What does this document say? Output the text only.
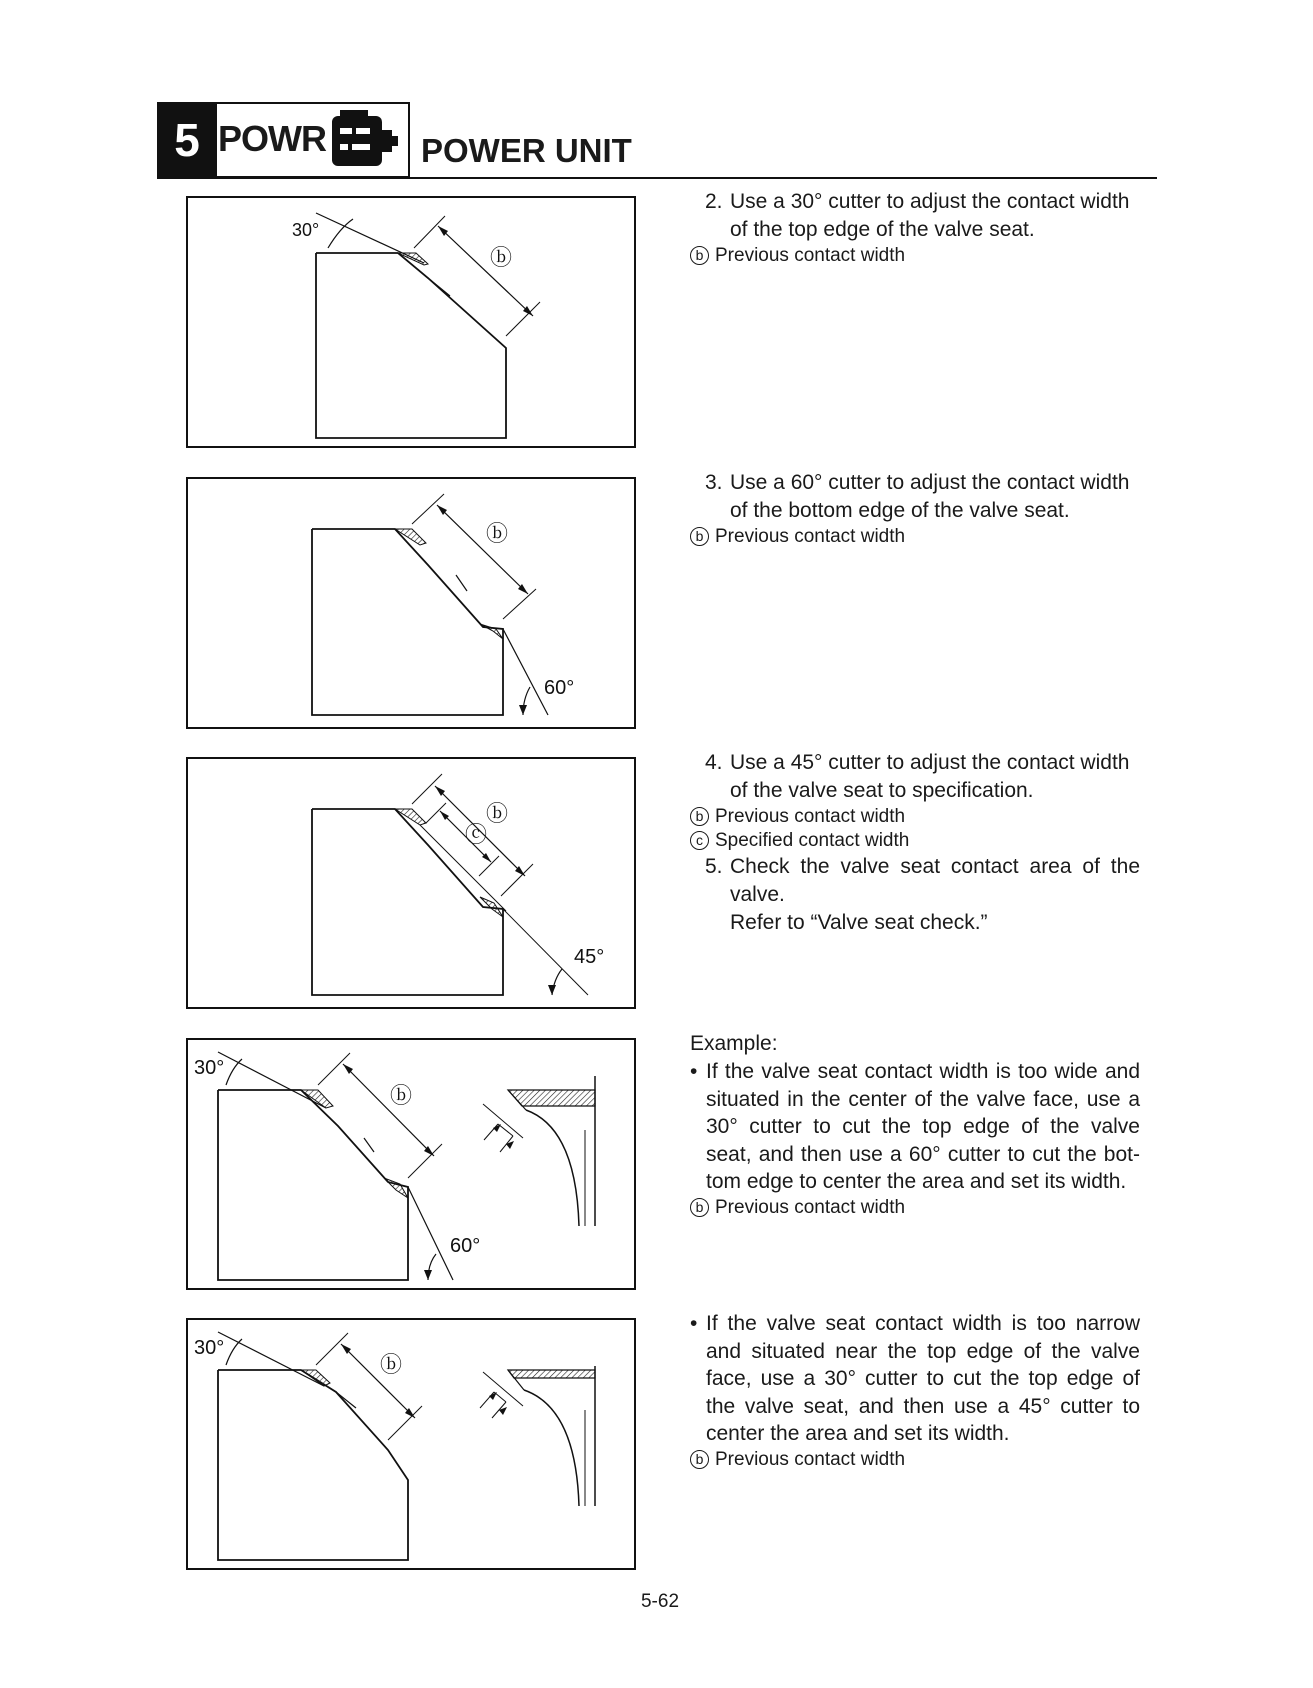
5 POWR	POWER UNIT
30°
ⓑ
60°
ⓑ
45°
ⓑ
ⓒ
30°
60°
ⓑ
30°
ⓑ
2. Use a 30° cutter to adjust the contact width
of the top edge of the valve seat.
b Previous contact width
3. Use a 60° cutter to adjust the contact width
of the bottom edge of the valve seat.
b Previous contact width
4. Use a 45° cutter to adjust the contact width
of the valve seat to specification.
b Previous contact width
c Specified contact width
5. Check the valve seat contact area of the
valve.
Refer to “Valve seat check.”
Example:
• If the valve seat contact width is too wide and situated in the center of the valve face, use a 30° cutter to cut the top edge of the valve seat, and then use a 60° cutter to cut the bot-tom edge to center the area and set its width.
b Previous contact width
• If the valve seat contact width is too narrow and situated near the top edge of the valve face, use a 30° cutter to cut the top edge of the valve seat, and then use a 45° cutter to center the area and set its width.
b Previous contact width
5-62
